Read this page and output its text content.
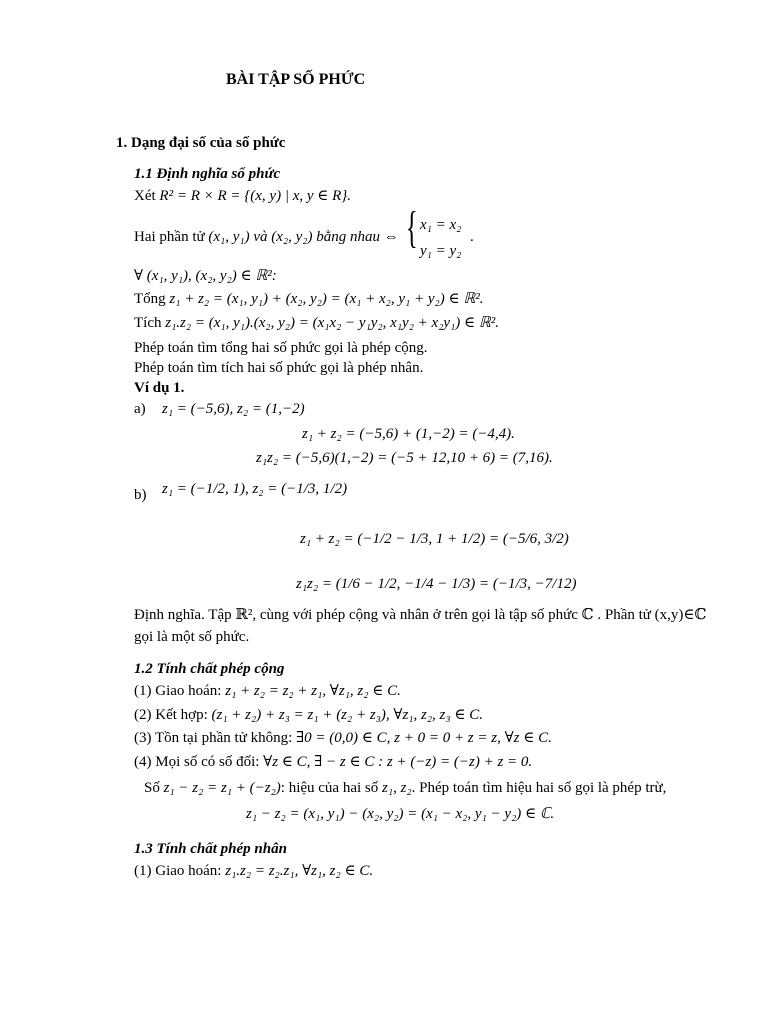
BÀI TẬP SỐ PHỨC
1. Dạng đại số của số phức
1.1 Định nghĩa số phức
Xét R² = R × R = {(x, y) | x, y ∈ R}.
Hai phần tử (x₁, y₁) và (x₂, y₂) bằng nhau ⇔ { x₁ = x₂
y₁ = y₂
.
∀ (x₁, y₁), (x₂, y₂) ∈ ℝ²:
Tổng z₁ + z₂ = (x₁, y₁) + (x₂, y₂) = (x₁ + x₂, y₁ + y₂) ∈ ℝ².
Tích z₁.z₂ = (x₁, y₁).(x₂, y₂) = (x₁x₂ − y₁y₂, x₁y₂ + x₂y₁) ∈ ℝ².
Phép toán tìm tổng hai số phức gọi là phép cộng.
Phép toán tìm tích hai số phức gọi là phép nhân.
Ví dụ 1.
a) z₁ = (−5,6), z₂ = (1,−2)
z₁ + z₂ = (−5,6) + (1,−2) = (−4,4).
z₁z₂ = (−5,6)(1,−2) = (−5 + 12,10 + 6) = (7,16).
b) z₁ = (−1/2, 1), z₂ = (−1/3, 1/2)
z₁ + z₂ = (−1/2 − 1/3, 1 + 1/2) = (−5/6, 3/2)
z₁z₂ = (1/6 − 1/2, −1/4 − 1/3) = (−1/3, −7/12)
Định nghĩa. Tập ℝ², cùng với phép cộng và nhân ở trên gọi là tập số phức ℂ . Phần tử (x,y)∈ℂ
gọi là một số phức.
1.2 Tính chất phép cộng
(1) Giao hoán: z₁ + z₂ = z₂ + z₁, ∀z₁, z₂ ∈ C.
(2) Kết hợp: (z₁ + z₂) + z₃ = z₁ + (z₂ + z₃), ∀z₁, z₂, z₃ ∈ C.
(3) Tồn tại phần tử không: ∃0 = (0,0) ∈ C, z + 0 = 0 + z = z, ∀z ∈ C.
(4) Mọi số có số đối: ∀z ∈ C, ∃ − z ∈ C : z + (−z) = (−z) + z = 0.
Số z₁ − z₂ = z₁ + (−z₂): hiệu của hai số z₁, z₂. Phép toán tìm hiệu hai số gọi là phép trừ,
z₁ − z₂ = (x₁, y₁) − (x₂, y₂) = (x₁ − x₂, y₁ − y₂) ∈ ℂ.
1.3 Tính chất phép nhân
(1) Giao hoán: z₁.z₂ = z₂.z₁, ∀z₁, z₂ ∈ C.
